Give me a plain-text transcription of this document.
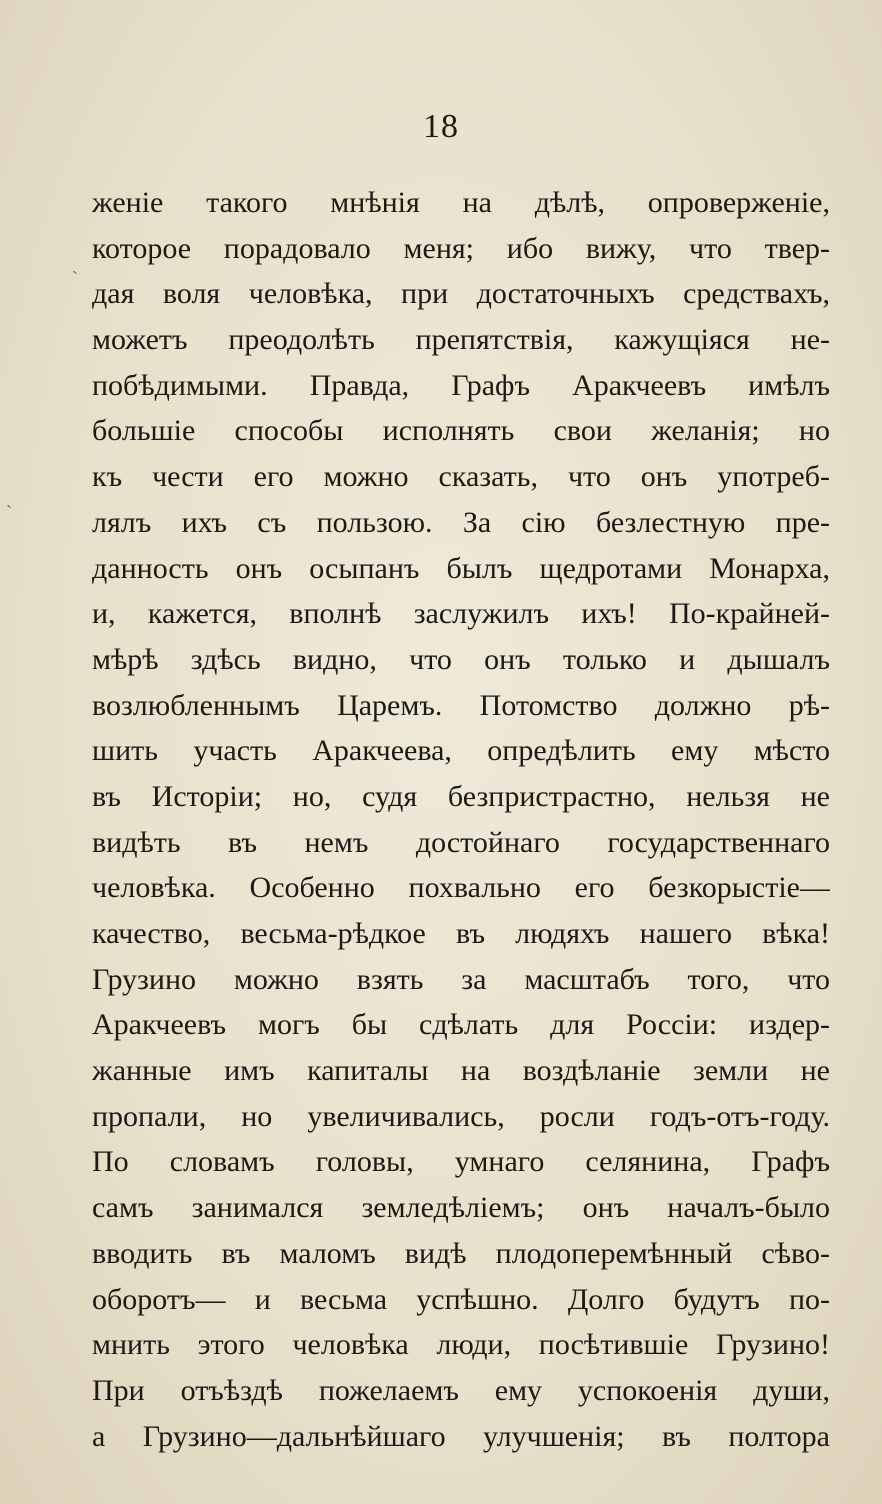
18
ˏ
ˏ
женіе такого мнѣнія на дѣлѣ, опроверженіе,
которое порадовало меня; ибо вижу, что твер-
дая воля человѣка, при достаточныхъ средствахъ,
можетъ преодолѣть препятствія, кажущіяся не-
побѣдимыми. Правда, Графъ Аракчеевъ имѣлъ
большіе способы исполнять свои желанія; но
къ чести его можно сказать, что онъ употреб-
лялъ ихъ съ пользою. За сію безлестную пре-
данность онъ осыпанъ былъ щедротами Монарха,
и, кажется, вполнѣ заслужилъ ихъ! По-крайней-
мѣрѣ здѣсь видно, что онъ только и дышалъ
возлюбленнымъ Царемъ. Потомство должно рѣ-
шить участь Аракчеева, опредѣлить ему мѣсто
въ Исторіи; но, судя безпристрастно, нельзя не
видѣть въ немъ достойнаго государственнаго
человѣка. Особенно похвально его безкорыстіе—
качество, весьма-рѣдкое въ людяхъ нашего вѣка!
Грузино можно взять за масштабъ того, что
Аракчеевъ могъ бы сдѣлать для Россіи: издер-
жанные имъ капиталы на воздѣланіе земли не
пропали, но увеличивались, росли годъ-отъ-году.
По словамъ головы, умнаго селянина, Графъ
самъ занимался земледѣліемъ; онъ началъ-было
вводить въ маломъ видѣ плодоперемѣнный сѣво-
оборотъ— и весьма успѣшно. Долго будутъ по-
мнить этого человѣка люди, посѣтившіе Грузино!
При отъѣздѣ пожелаемъ ему успокоенія души,
а Грузино—дальнѣйшаго улучшенія; въ полтора
